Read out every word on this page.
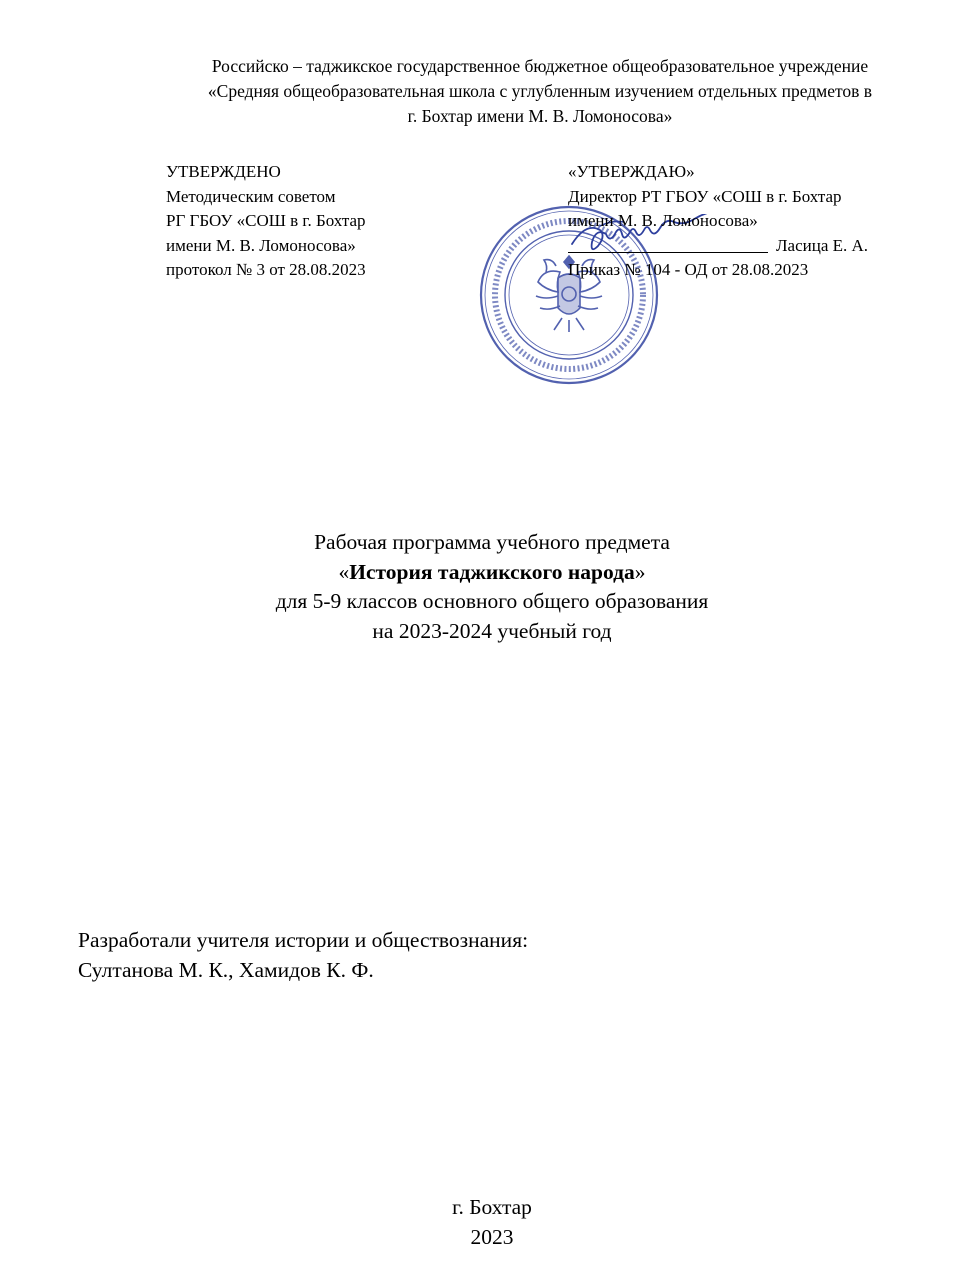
Российско – таджикское государственное бюджетное общеобразовательное учреждение
«Средняя общеобразовательная школа с углубленным изучением отдельных предметов в
г. Бохтар имени М. В. Ломоносова»
УТВЕРЖДЕНО
Методическим советом
РГ ГБОУ «СОШ в г. Бохтар
имени М. В. Ломоносова»
протокол № 3 от 28.08.2023
«УТВЕРЖДАЮ»
Директор РТ ГБОУ «СОШ в г. Бохтар
имени М. В. Ломоносова»
Ласица Е. А.
Приказ № 104 - ОД от 28.08.2023
Рабочая программа учебного предмета
«История таджикского народа»
для 5-9 классов основного общего образования
на 2023-2024 учебный год
Разработали учителя истории и обществознания:
Султанова М. К., Хамидов К. Ф.
г. Бохтар
2023
